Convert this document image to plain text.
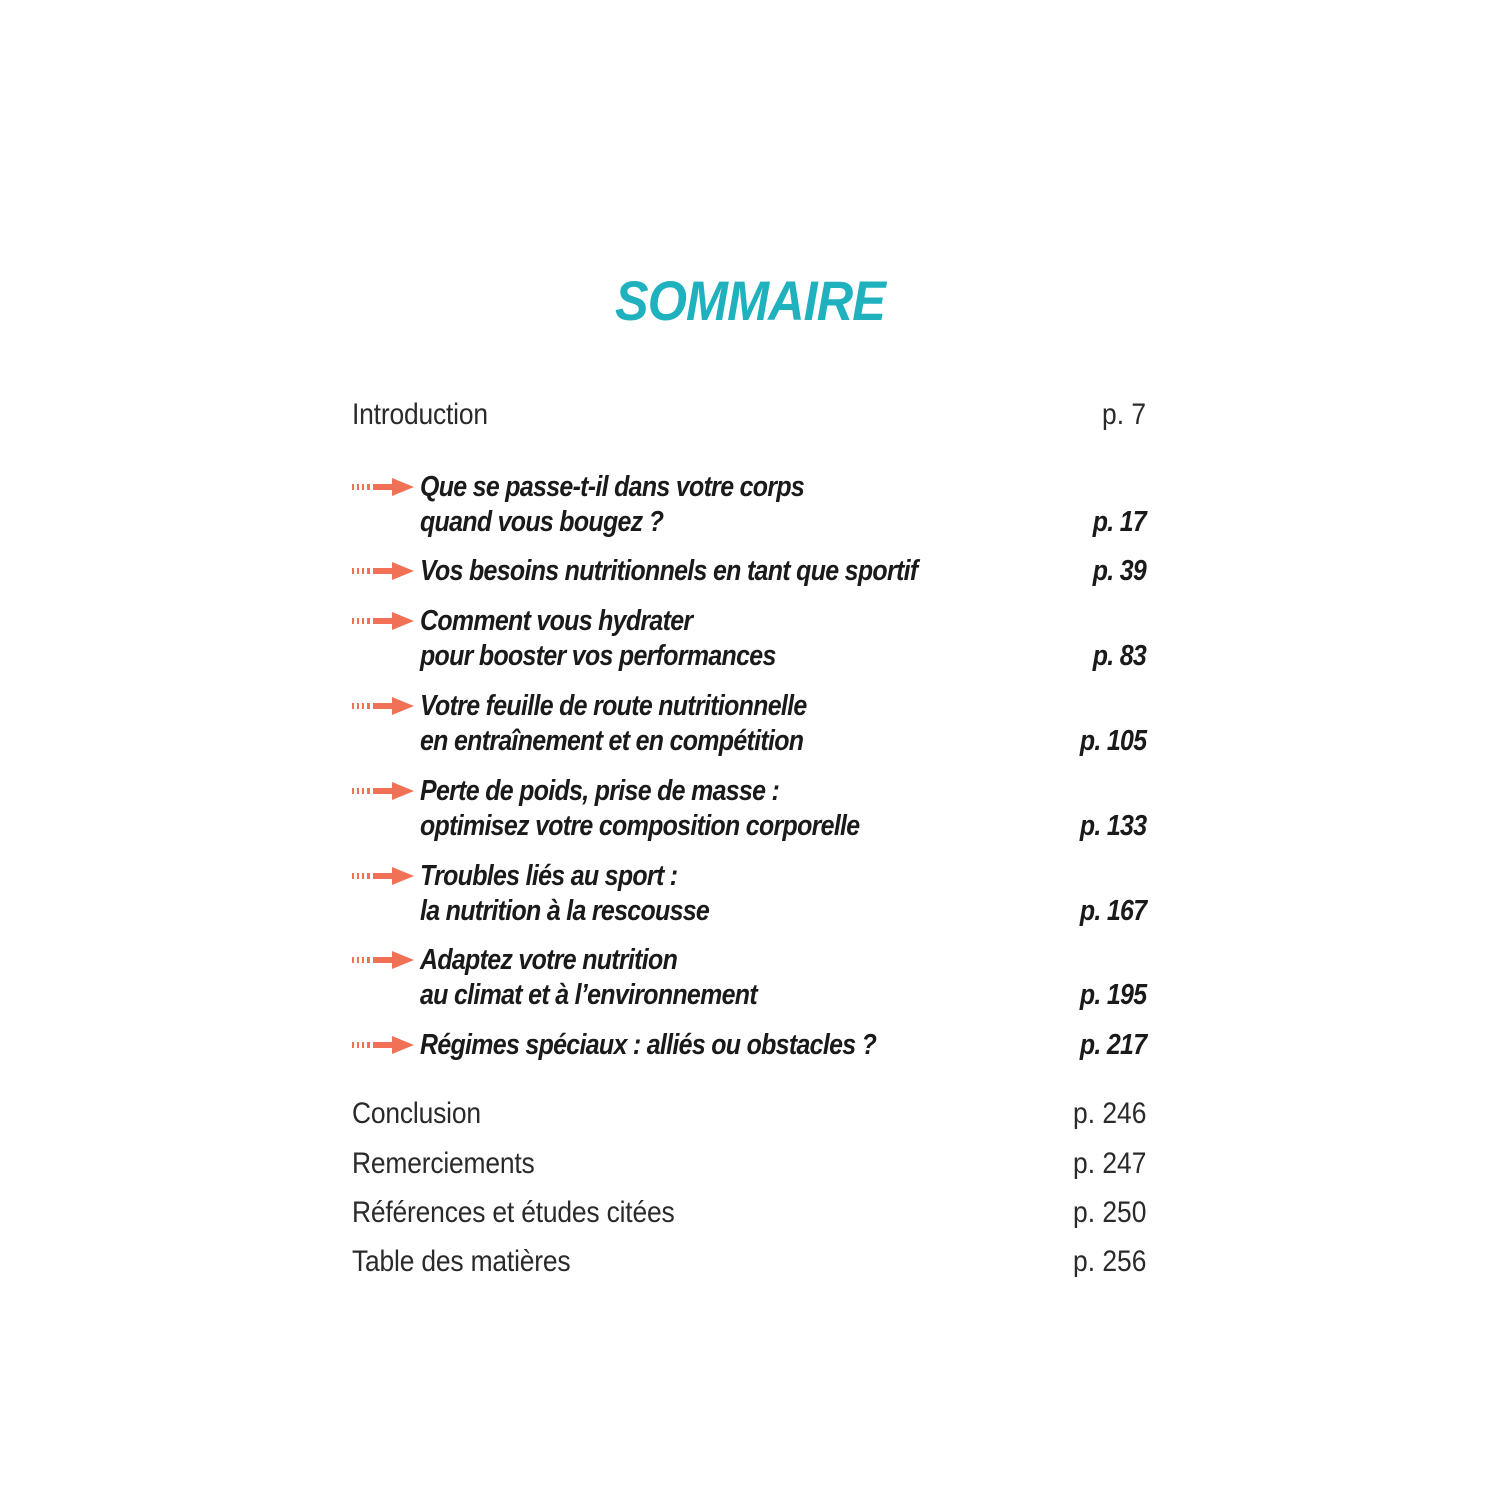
SOMMAIRE
Introduction	p. 7
Que se passe-t-il dans votre corps
quand vous bougez ?	p. 17
Vos besoins nutritionnels en tant que sportif	p. 39
Comment vous hydrater
pour booster vos performances	p. 83
Votre feuille de route nutritionnelle
en entraînement et en compétition	p. 105
Perte de poids, prise de masse :
optimisez votre composition corporelle	p. 133
Troubles liés au sport :
la nutrition à la rescousse	p. 167
Adaptez votre nutrition
au climat et à l’environnement	p. 195
Régimes spéciaux : alliés ou obstacles ?	p. 217
Conclusion	p. 246
Remerciements	p. 247
Références et études citées	p. 250
Table des matières	p. 256
